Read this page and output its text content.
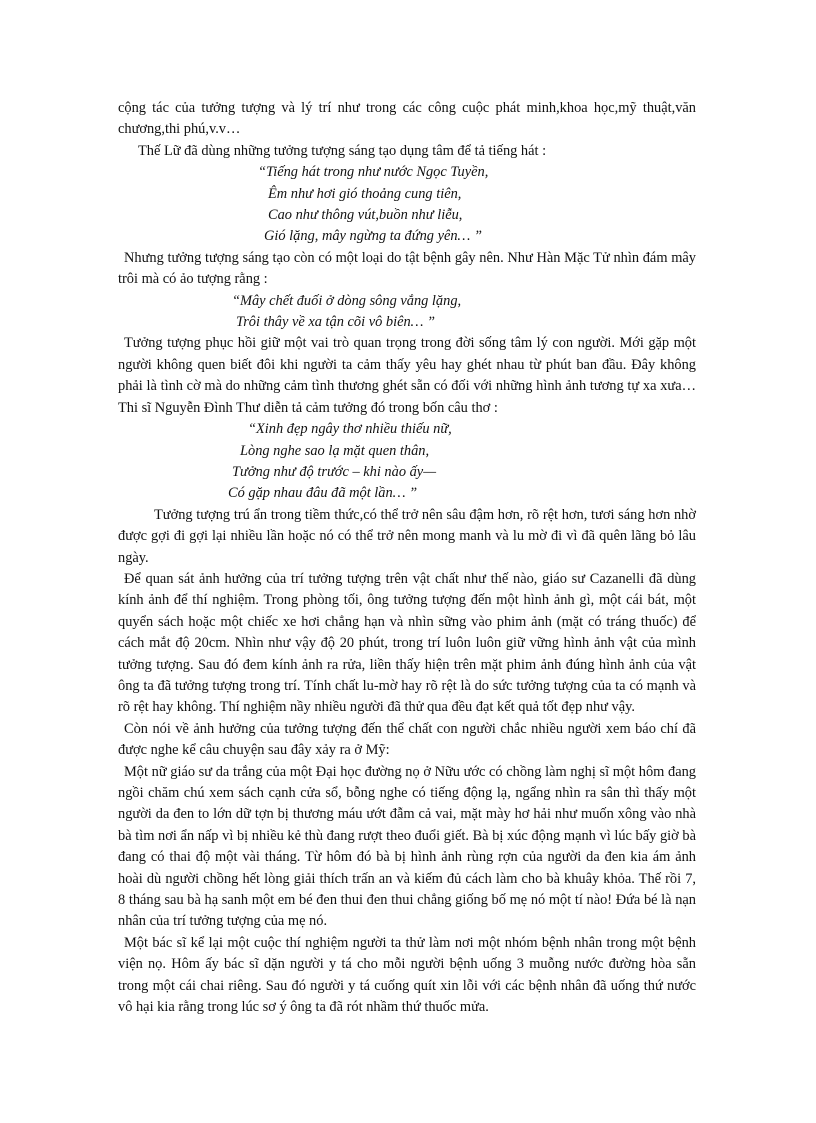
cộng tác của tưởng tượng và lý trí như trong các công cuộc phát minh,khoa học,mỹ thuật,văn chương,thi phú,v.v…

Thế Lữ đã dùng những tưởng tượng sáng tạo dụng tâm để tả tiếng hát :

“Tiếng hát trong như nước Ngọc Tuyền,
Êm như hơi gió thoảng cung tiên,
Cao như thông vút,buồn như liễu,
Gió lặng, mây ngừng ta đứng yên… ”

Nhưng tưởng tượng sáng tạo còn có một loại do tật bệnh gây nên. Như Hàn Mặc Tử nhìn đám mây trôi mà có ảo tượng rằng :

“Mây chết đuối ở dòng sông vắng lặng,
Trôi thây về xa tận cõi vô biên… ”

Tưởng tượng phục hồi giữ một vai trò quan trọng trong đời sống tâm lý con người. Mới gặp một người không quen biết đôi khi người ta cảm thấy yêu hay ghét nhau từ phút ban đầu. Đây không phải là tình cờ mà do những cảm tình thương ghét sẵn có đối với những hình ảnh tương tự xa xưa…Thi sĩ Nguyễn Đình Thư diễn tả cảm tưởng đó trong bốn câu thơ :

“Xinh đẹp ngây thơ nhiều thiếu nữ,
Lòng nghe sao lạ mặt quen thân,
Tưởng như độ trước – khi nào ấy—
Có gặp nhau đâu đã một lần… ”

Tưởng tượng trú ẩn trong tiềm thức,có thể trở nên sâu đậm hơn, rõ rệt hơn, tươi sáng hơn nhờ được gợi đi gợi lại nhiều lần hoặc nó có thể trở nên mong manh và lu mờ đi vì đã quên lãng bỏ lâu ngày.

Để quan sát ảnh hưởng của trí tưởng tượng trên vật chất như thế nào, giáo sư Cazanelli đã dùng kính ảnh để thí nghiệm. Trong phòng tối, ông tưởng tượng đến một hình ảnh gì, một cái bát, một quyển sách hoặc một chiếc xe hơi chẳng hạn và nhìn sững vào phim ảnh (mặt có tráng thuốc) để cách mắt độ 20cm. Nhìn như vậy độ 20 phút, trong trí luôn luôn giữ vững hình ảnh vật của mình tưởng tượng. Sau đó đem kính ảnh ra rửa, liền thấy hiện trên mặt phim ảnh đúng hình ảnh của vật ông ta đã tưởng tượng trong trí. Tính chất lu-mờ hay rõ rệt là do sức tưởng tượng của ta có mạnh và rõ rệt hay không. Thí nghiệm nầy nhiều người đã thử qua đều đạt kết quả tốt đẹp như vậy.

Còn nói về ảnh hưởng của tưởng tượng đến thể chất con người chắc nhiều người xem báo chí đã được nghe kể câu chuyện sau đây xảy ra ở Mỹ:

Một nữ giáo sư da trắng của một Đại học đường nọ ở Nữu ước có chồng làm nghị sĩ một hôm đang ngồi chăm chú xem sách cạnh cửa sổ, bỗng nghe có tiếng động lạ, ngẩng nhìn ra sân thì thấy một người da đen to lớn dữ tợn bị thương máu ướt đẫm cả vai, mặt mày hơ hải như muốn xông vào nhà bà tìm nơi ẩn nấp vì bị nhiều kẻ thù đang rượt theo đuổi giết. Bà bị xúc động mạnh vì lúc bấy giờ bà đang có thai độ một vài tháng. Từ hôm đó bà bị hình ảnh rùng rợn của người da đen kia ám ảnh hoài dù người chồng hết lòng giải thích trấn an và kiếm đủ cách làm cho bà khuây khỏa. Thế rồi 7, 8 tháng sau bà hạ sanh một em bé đen thui đen thui chẳng giống bố mẹ nó một tí nào! Đứa bé là nạn nhân của trí tưởng tượng của mẹ nó.

Một bác sĩ kể lại một cuộc thí nghiệm người ta thử làm nơi một nhóm bệnh nhân trong một bệnh viện nọ. Hôm ấy bác sĩ dặn người y tá cho mỗi người bệnh uống 3 muỗng nước đường hòa sẵn trong một cái chai riêng. Sau đó người y tá cuống quít xin lỗi với các bệnh nhân đã uống thứ nước vô hại kia rằng trong lúc sơ ý ông ta đã rót nhầm thứ thuốc mửa.
